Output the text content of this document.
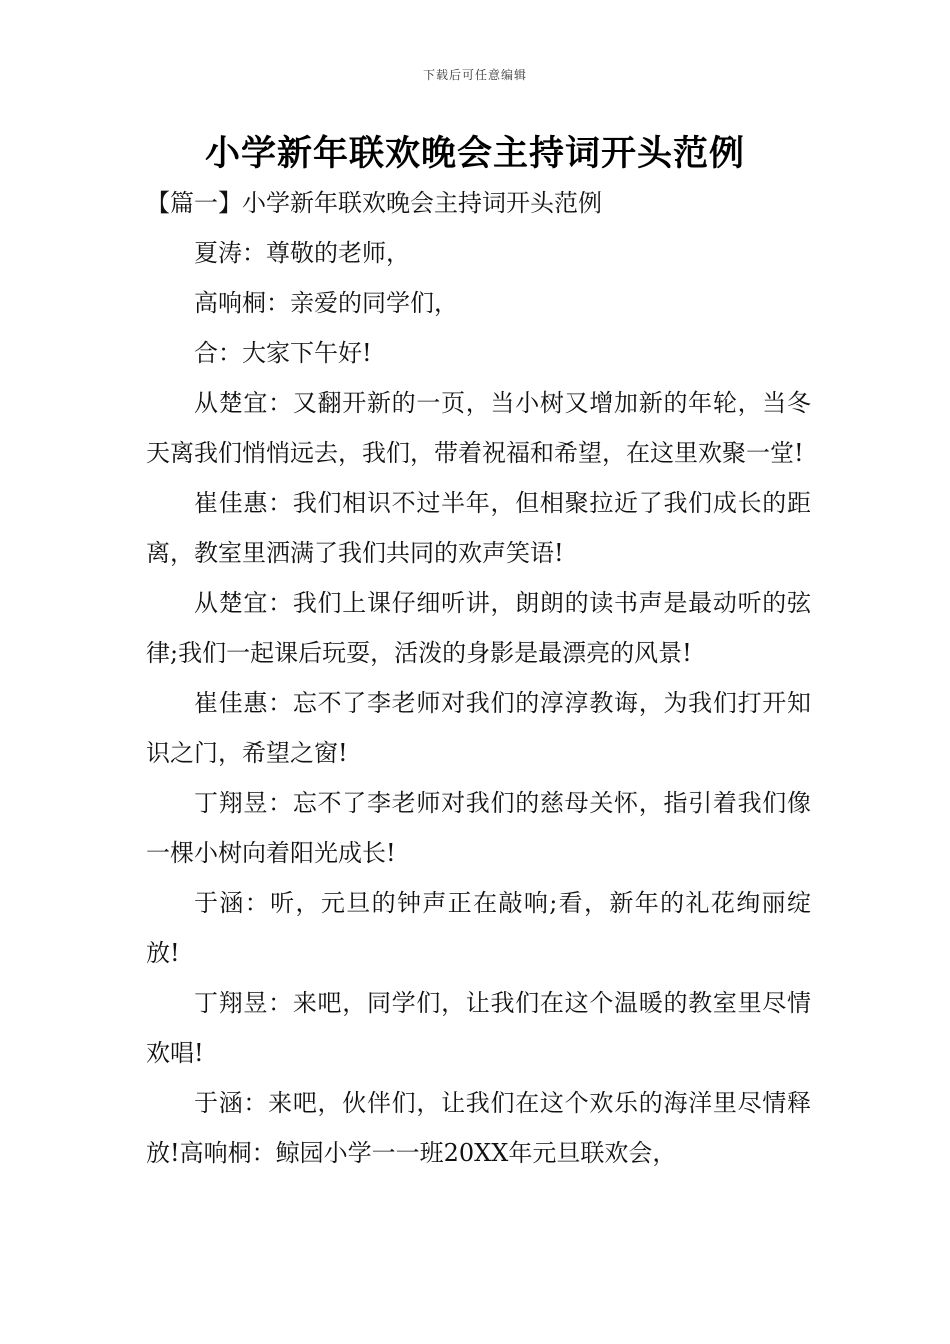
下载后可任意编辑
小学新年联欢晚会主持词开头范例

【篇一】小学新年联欢晚会主持词开头范例

夏涛：尊敬的老师，

高响桐：亲爱的同学们，

合：大家下午好!

从楚宜：又翻开新的一页，当小树又增加新的年轮，当冬天离我们悄悄远去，我们，带着祝福和希望，在这里欢聚一堂!

崔佳惠：我们相识不过半年，但相聚拉近了我们成长的距离，教室里洒满了我们共同的欢声笑语!

从楚宜：我们上课仔细听讲，朗朗的读书声是最动听的弦律;我们一起课后玩耍，活泼的身影是最漂亮的风景!

崔佳惠：忘不了李老师对我们的淳淳教诲，为我们打开知识之门，希望之窗!

丁翔昱：忘不了李老师对我们的慈母关怀，指引着我们像一棵小树向着阳光成长!

于涵：听，元旦的钟声正在敲响;看，新年的礼花绚丽绽放!

丁翔昱：来吧，同学们，让我们在这个温暖的教室里尽情欢唱!

于涵：来吧，伙伴们，让我们在这个欢乐的海洋里尽情释放!高响桐：鲸园小学一一班20XX年元旦联欢会，
